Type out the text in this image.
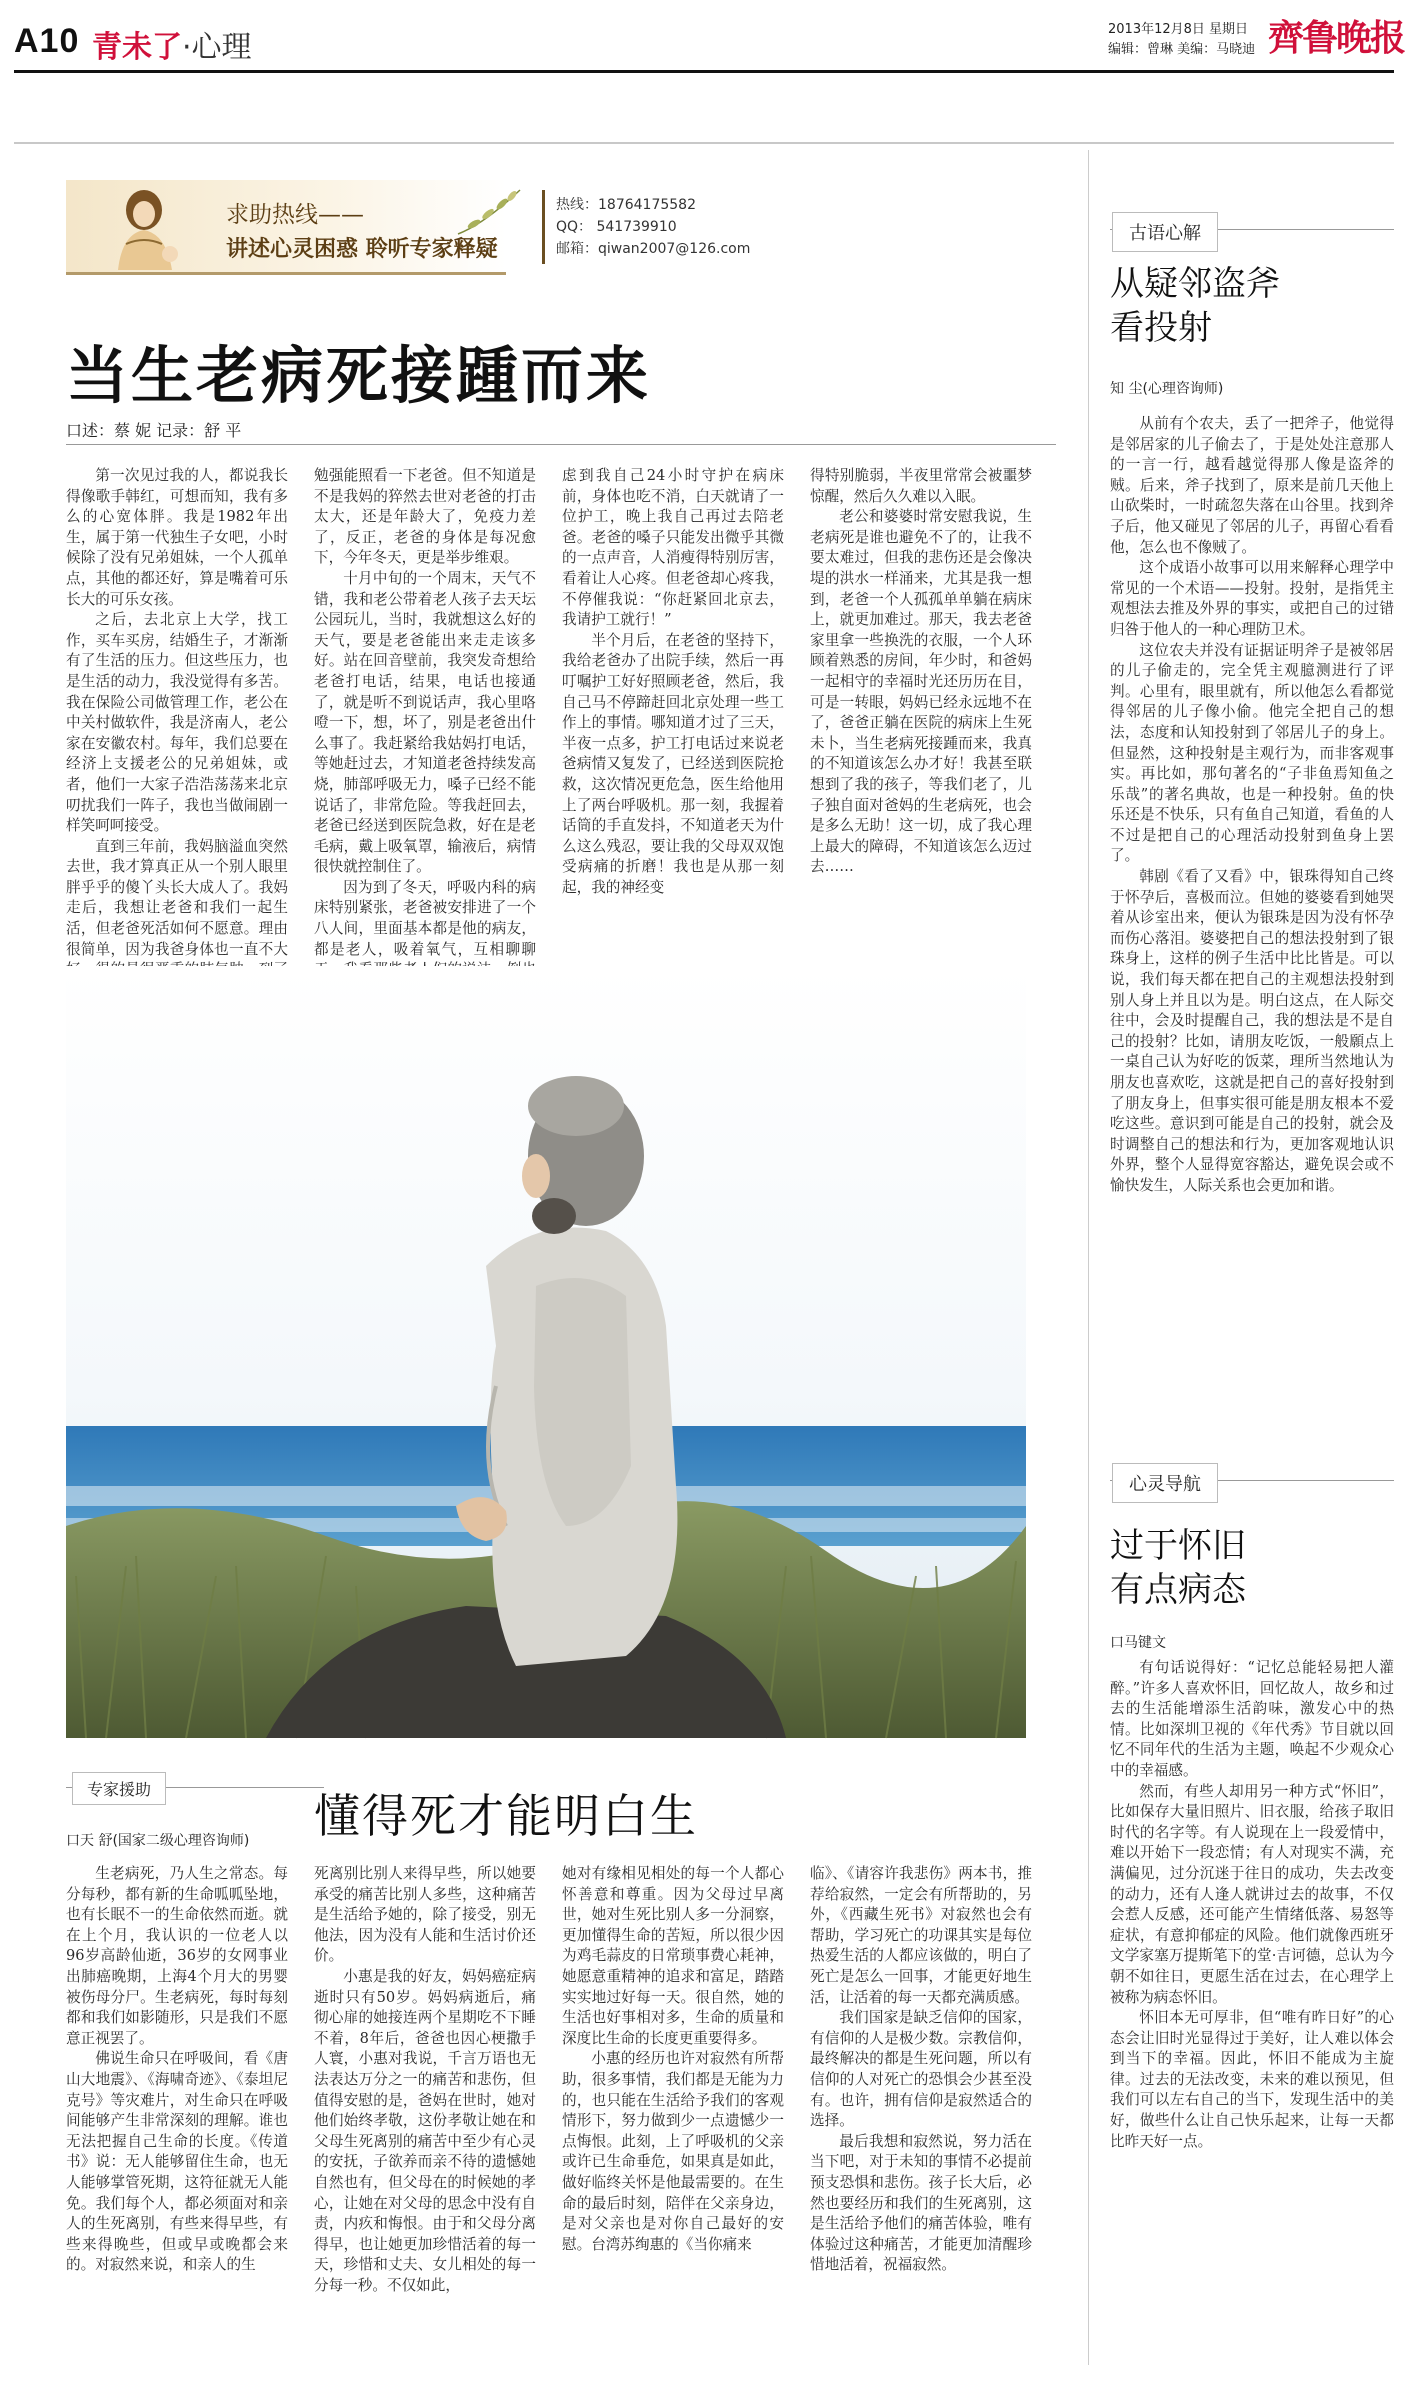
A10 青未了·心理
2013年12月8日 星期日
编辑：曾琳 美编：马晓迪 齊鲁晚报
求助热线——
讲述心灵困惑 聆听专家释疑
热线：18764175582
QQ： 541739910
邮箱：qiwan2007@126.com
当生老病死接踵而来
口述：蔡 妮 记录：舒 平

第一次见过我的人，都说我长得像歌手韩红，可想而知，我有多么的心宽体胖。我是1982年出生，属于第一代独生子女吧，小时候除了没有兄弟姐妹，一个人孤单点，其他的都还好，算是嘴着可乐长大的可乐女孩。

之后，去北京上大学，找工作，买车买房，结婚生子，才渐渐有了生活的压力。但这些压力，也是生活的动力，我没觉得有多苦。我在保险公司做管理工作，老公在中关村做软件，我是济南人，老公家在安徽农村。每年，我们总要在经济上支援老公的兄弟姐妹，或者，他们一大家子浩浩荡荡来北京叨扰我们一阵子，我也当做闹剧一样笑呵呵接受。

直到三年前，我妈脑溢血突然去世，我才算真正从一个别人眼里胖乎乎的傻丫头长大成人了。我妈走后，我想让老爸和我们一起生活，但老爸死活如何不愿意。理由很简单，因为我爸身体也一直不大

勉强能照看一下老爸。但不知道是不是我妈的猝然去世对老爸的打击太大，还是年龄大了，免疫力差了，反正，老爸的身体是每况愈下，今年冬天，更是举步维艰。

十月中旬的一个周末，天气不错，我和老公带着老人孩子去天坛公园玩儿，当时，我就想这么好的天气，要是老爸能出来走走该多好。站在回音壁前，我突发奇想给老爸打电话，结果，电话也接通了，就是听不到说话声，我心里咯噔一下，想，坏了，别是老爸出什么事了。我赶紧给我姑妈打电话，等她赶过去，才知道老爸持续发高烧，肺部呼吸无力，嗓子已经不能说话了，非常危险。等我赶回去，老爸已经送到医院急救，好在是老毛病，戴上吸氧罩，输液后，病情很快就控制住了。

因为到了冬天，呼吸内科的病床特别紧张，老爸被安排进了一个八人间，里面基本都是他的病友，都是老人，吸着氧气，互相聊聊

虑到我自己24小时守护在病床前，身体也吃不消，白天就请了一位护工，晚上我自己再过去陪老爸。老爸的嗓子只能发出微乎其微的一点声音，人消瘦得特别厉害，看着让人心疼。但老爸却心疼我，不停催我说：“你赶紧回北京去，我请护工就行！”

半个月后，在老爸的坚持下，我给老爸办了出院手续，然后一再叮嘱护工好好照顾老爸，然后，我自己马不停蹄赶回北京处理一些工作上的事情。哪知道才过了三天，半夜一点多，护工打电话过来说老爸病情又复发了，已经送到医院抢救，这次情况更危急，医生给他用上了两台呼吸机。那一刻，我握着话筒的手直发抖，不知道老天为什么这么残忍，要让我的父母双双饱受病痛的折磨！我也是从那一刻起，我的神经变

得特别脆弱，半夜里常常会被噩梦惊醒，然后久久难以入眠。

老公和婆婆时常安慰我说，生老病死是谁也避免不了的，让我不要太难过，但我的悲伤还是会像决堤的洪水一样涌来，尤其是我一想到，老爸一个人孤孤单单躺在病床上，就更加难过。那天，我去老爸家里拿一些换洗的衣服，一个人环顾着熟悉的房间，年少时，和爸妈一起相守的幸福时光还历历在目，可是一转眼，妈妈已经永远地不在了，爸爸正躺在医院的病床上生死未卜，当生老病死接踵而来，我真的不知道该怎么办才好！我甚至联想到了我的孩子，等我们老了，儿子独自面对爸妈的生老病死，也会是多么无助！这一切，成了我心理上最大的障碍，不知道该怎么迈过去……

专家援助
口天 舒(国家二级心理咨询师) 懂得死才能明白生

生老病死，乃人生之常态。每分每秒，都有新的生命呱呱坠地，也有长眠不一的生命依然而逝。就在上个月，我认识的一位老人以96岁高龄仙逝，36岁的女网事业出肺癌晚期，上海4个月大的男婴被伤母分尸。生老病死，每时每刻都和我们如影随形，只是我们不愿意正视罢了。

佛说生命只在呼吸间，看《唐山大地震》、《海啸奇迹》、《泰坦尼克号》等灾难片，对生命只在呼吸间能够产生非常深刻的理解。谁也无法把握自己生命的长度。《传道书》说：无人能够留住生命，也无人能够掌管死期，这符征就无人能免。我们每个人，都必须面对和亲人的生死离别，有些来得早些，有些来得晚些，但或早或晚都会来的。对寂然来说，和亲人的生

死离别比别人来得早些，所以她要承受的痛苦比别人多些，这种痛苦是生活给予她的，除了接受，别无他法，因为没有人能和生活讨价还价。

小惠是我的好友，妈妈癌症病逝时只有50岁。妈妈病逝后，痛彻心扉的她接连两个星期吃不下睡不着，8年后，爸爸也因心梗撒手人寰，小惠对我说，千言万语也无法表达万分之一的痛苦和悲伤，但值得安慰的是，爸妈在世时，她对他们始终孝敬，这份孝敬让她在和父母生死离别的痛苦中至少有心灵的安抚，子欲养而亲不待的遗憾她自然也有，但父母在的时候她的孝心，让她在对父母的思念中没有自责，内疚和悔恨。由于和父母分离得早，也让她更加珍惜活着的每一天，珍惜和丈夫、女儿相处的每一分每一秒。不仅如此，

她对有缘相见相处的每一个人都心怀善意和尊重。因为父母过早离世，她对生死比别人多一分洞察，更加懂得生命的苦短，所以很少因为鸡毛蒜皮的日常琐事费心耗神，她愿意重精神的追求和富足，踏踏实实地过好每一天。很自然，她的生活也好事相对多，生命的质量和深度比生命的长度更重要得多。

小惠的经历也许对寂然有所帮助，很多事情，我们都是无能为力的，也只能在生活给予我们的客观情形下，努力做到少一点遗憾少一点悔恨。此刻，上了呼吸机的父亲或许已生命垂危，如果真是如此，做好临终关怀是他最需要的。在生命的最后时刻，陪伴在父亲身边，是对父亲也是对你自己最好的安慰。台湾苏绚惠的《当你痛来

临》、《请容许我悲伤》两本书，推荐给寂然，一定会有所帮助的，另外，《西藏生死书》对寂然也会有帮助，学习死亡的功课其实是每位热爱生活的人都应该做的，明白了死亡是怎么一回事，才能更好地生活，让活着的每一天都充满质感。

我们国家是缺乏信仰的国家，有信仰的人是极少数。宗教信仰，最终解决的都是生死问题，所以有信仰的人对死亡的恐惧会少甚至没有。也许，拥有信仰是寂然适合的选择。

最后我想和寂然说，努力活在当下吧，对于未知的事情不必提前预支恐惧和悲伤。孩子长大后，必然也要经历和我们的生死离别，这是生活给予他们的痛苦体验，唯有体验过这种痛苦，才能更加清醒珍惜地活着，祝福寂然。

古语心解
从疑邻盗斧
看投射
知 尘(心理咨询师)

从前有个农夫，丢了一把斧子，他觉得是邻居家的儿子偷去了，于是处处注意那人的一言一行，越看越觉得那人像是盗斧的贼。后来，斧子找到了，原来是前几天他上山砍柴时，一时疏忽失落在山谷里。找到斧子后，他又碰见了邻居的儿子，再留心看看他，怎么也不像贼了。

这个成语小故事可以用来解释心理学中常见的一个术语——投射。投射，是指凭主观想法去推及外界的事实，或把自己的过错归咎于他人的一种心理防卫术。

这位农夫并没有证据证明斧子是被邻居的儿子偷走的，完全凭主观臆测进行了评判。心里有，眼里就有，所以他怎么看都觉得邻居的儿子像小偷。他完全把自己的想法，态度和认知投射到了邻居儿子的身上。但显然，这种投射是主观行为，而非客观事实。再比如，那句著名的“子非鱼焉知鱼之乐哉”的著名典故，也是一种投射。鱼的快乐还是不快乐，只有鱼自己知道，看鱼的人不过是把自己的心理活动投射到鱼身上罢了。

韩剧《看了又看》中，银珠得知自己终于怀孕后，喜极而泣。但她的婆婆看到她哭着从诊室出来，便认为银珠是因为没有怀孕而伤心落泪。婆婆把自己的想法投射到了银珠身上，这样的例子生活中比比皆是。可以说，我们每天都在把自己的主观想法投射到别人身上并且以为是。明白这点，在人际交往中，会及时提醒自己，我的想法是不是自己的投射？比如，请朋友吃饭，一般願点上一桌自己认为好吃的饭菜，理所当然地认为朋友也喜欢吃，这就是把自己的喜好投射到了朋友身上，但事实很可能是朋友根本不爱吃这些。意识到可能是自己的投射，就会及时调整自己的想法和行为，更加客观地认识外界，整个人显得宽容豁达，避免误会或不愉快发生，人际关系也会更加和谐。

心灵导航
过于怀旧
有点病态
口马键文

有句话说得好：“记忆总能轻易把人灌醉。”许多人喜欢怀旧，回忆故人，故乡和过去的生活能增添生活韵味，激发心中的热情。比如深圳卫视的《年代秀》节目就以回忆不同年代的生活为主题，唤起不少观众心中的幸福感。

然而，有些人却用另一种方式“怀旧”，比如保存大量旧照片、旧衣服，给孩子取旧时代的名字等。有人说现在上一段爱情中，难以开始下一段恋情；有人对现实不满，充满偏见，过分沉迷于往日的成功，失去改变的动力，还有人逢人就讲过去的故事，不仅会惹人反感，还可能产生情绪低落、易怒等症状，有意抑郁症的风险。他们就像西班牙文学家塞万提斯笔下的堂·吉诃德，总认为今朝不如往日，更愿生活在过去，在心理学上被称为病态怀旧。

怀旧本无可厚非，但“唯有昨日好”的心态会让旧时光显得过于美好，让人难以体会到当下的幸福。因此，怀旧不能成为主旋律。过去的无法改变，未来的难以预见，但我们可以左右自己的当下，发现生活中的美好，做些什么让自己快乐起来，让每一天都比昨天好一点。
